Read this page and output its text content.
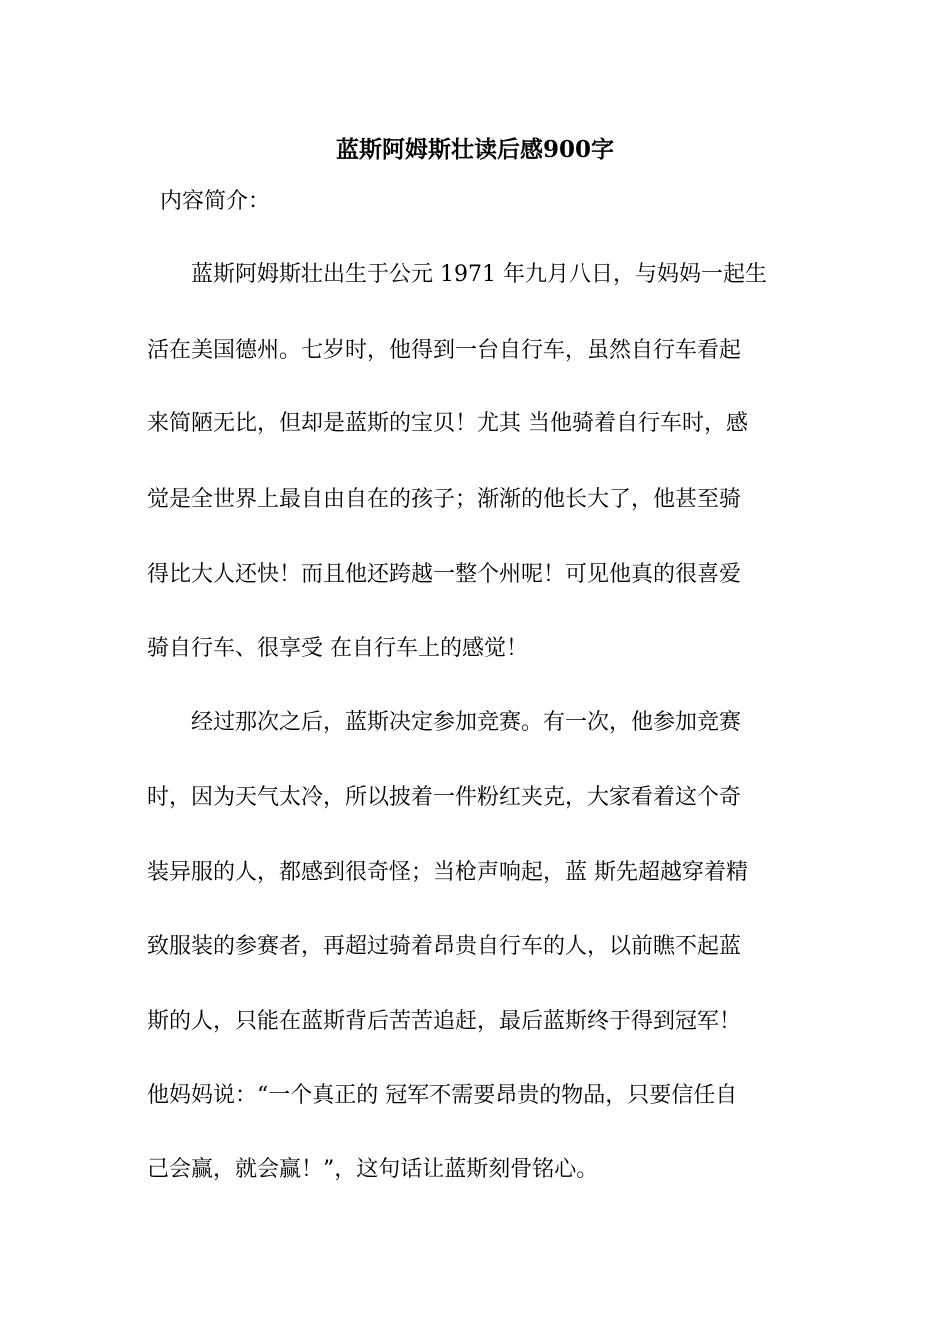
蓝斯阿姆斯壮读后感900字
内容简介：
　　蓝斯阿姆斯壮出生于公元 1971 年九月八日，与妈妈一起生
活在美国德州。七岁时，他得到一台自行车，虽然自行车看起
来简陋无比，但却是蓝斯的宝贝！尤其 当他骑着自行车时，感
觉是全世界上最自由自在的孩子；渐渐的他长大了，他甚至骑
得比大人还快！而且他还跨越一整个州呢！可见他真的很喜爱
骑自行车、很享受 在自行车上的感觉！
　　经过那次之后，蓝斯决定参加竞赛。有一次，他参加竞赛
时，因为天气太冷，所以披着一件粉红夹克，大家看着这个奇
装异服的人，都感到很奇怪；当枪声响起，蓝 斯先超越穿着精
致服装的参赛者，再超过骑着昂贵自行车的人，以前瞧不起蓝
斯的人，只能在蓝斯背后苦苦追赶，最后蓝斯终于得到冠军！
他妈妈说：“一个真正的 冠军不需要昂贵的物品，只要信任自
己会赢，就会赢！”，这句话让蓝斯刻骨铭心。
